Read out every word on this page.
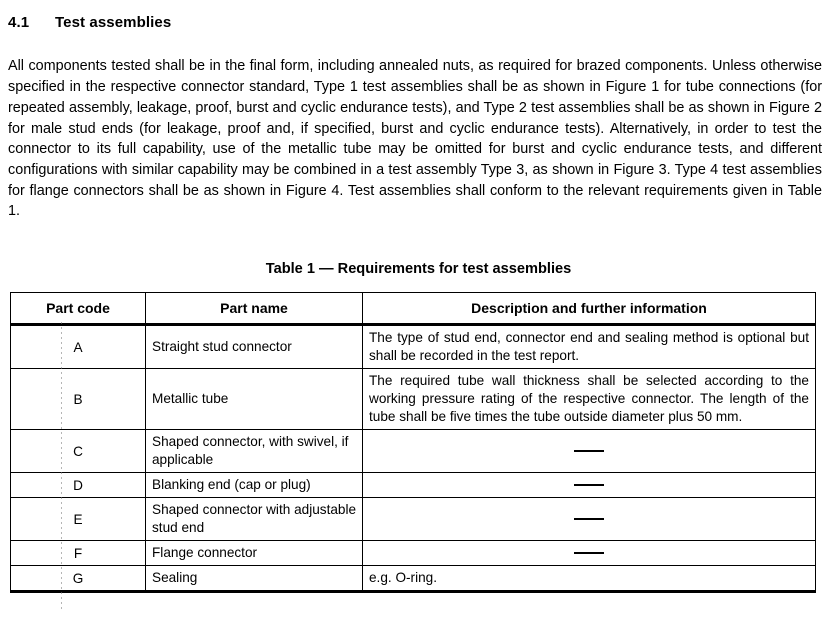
4.1 Test assemblies

All components tested shall be in the final form, including annealed nuts, as required for brazed components. Unless otherwise specified in the respective connector standard, Type 1 test assemblies shall be as shown in Figure 1 for tube connections (for repeated assembly, leakage, proof, burst and cyclic endurance tests), and Type 2 test assemblies shall be as shown in Figure 2 for male stud ends (for leakage, proof and, if specified, burst and cyclic endurance tests). Alternatively, in order to test the connector to its full capability, use of the metallic tube may be omitted for burst and cyclic endurance tests, and different configurations with similar capability may be combined in a test assembly Type 3, as shown in Figure 3. Type 4 test assemblies for flange connectors shall be as shown in Figure 4. Test assemblies shall conform to the relevant requirements given in Table 1.

Table 1 — Requirements for test assemblies
Part code	Part name	Description and further information
A	Straight stud connector	The type of stud end, connector end and sealing method is optional but shall be recorded in the test report.
B	Metallic tube	The required tube wall thickness shall be selected according to the working pressure rating of the respective connector. The length of the tube shall be five times the tube outside diameter plus 50 mm.
C	Shaped connector, with swivel, if applicable	
D	Blanking end (cap or plug)	
E	Shaped connector with adjustable stud end	
F	Flange connector	
G	Sealing	e.g. O-ring.
